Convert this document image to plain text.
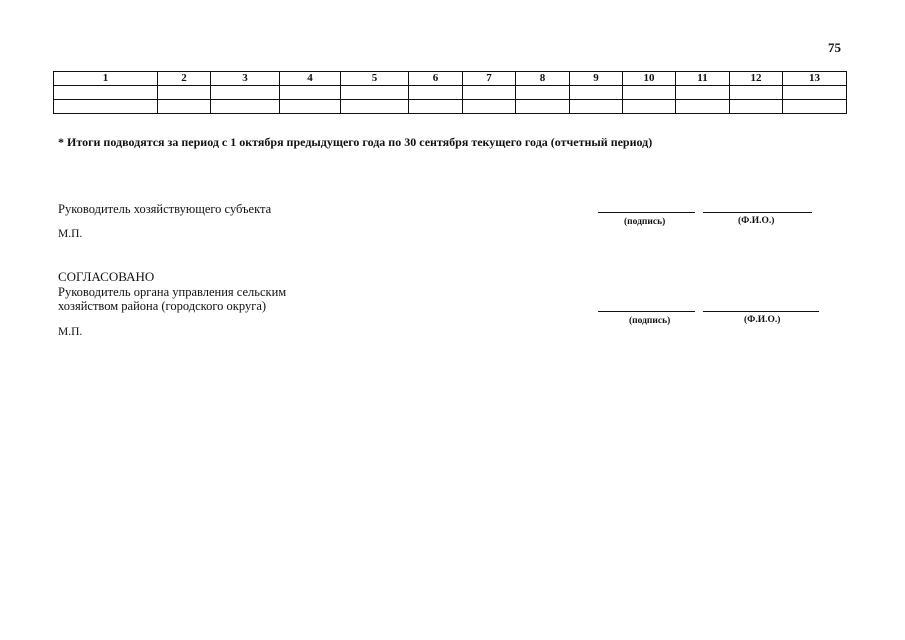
75
1	2	3	4	5	6	7	8	9	10	11	12	13

* Итоги подводятся за период с 1 октября предыдущего года по 30 сентября текущего года (отчетный период)
Руководитель хозяйствующего субъекта
М.П.
(подпись)	(Ф.И.О.)
СОГЛАСОВАНО
Руководитель органа управления сельским
хозяйством района (городского округа)
М.П.
(подпись)	(Ф.И.О.)
